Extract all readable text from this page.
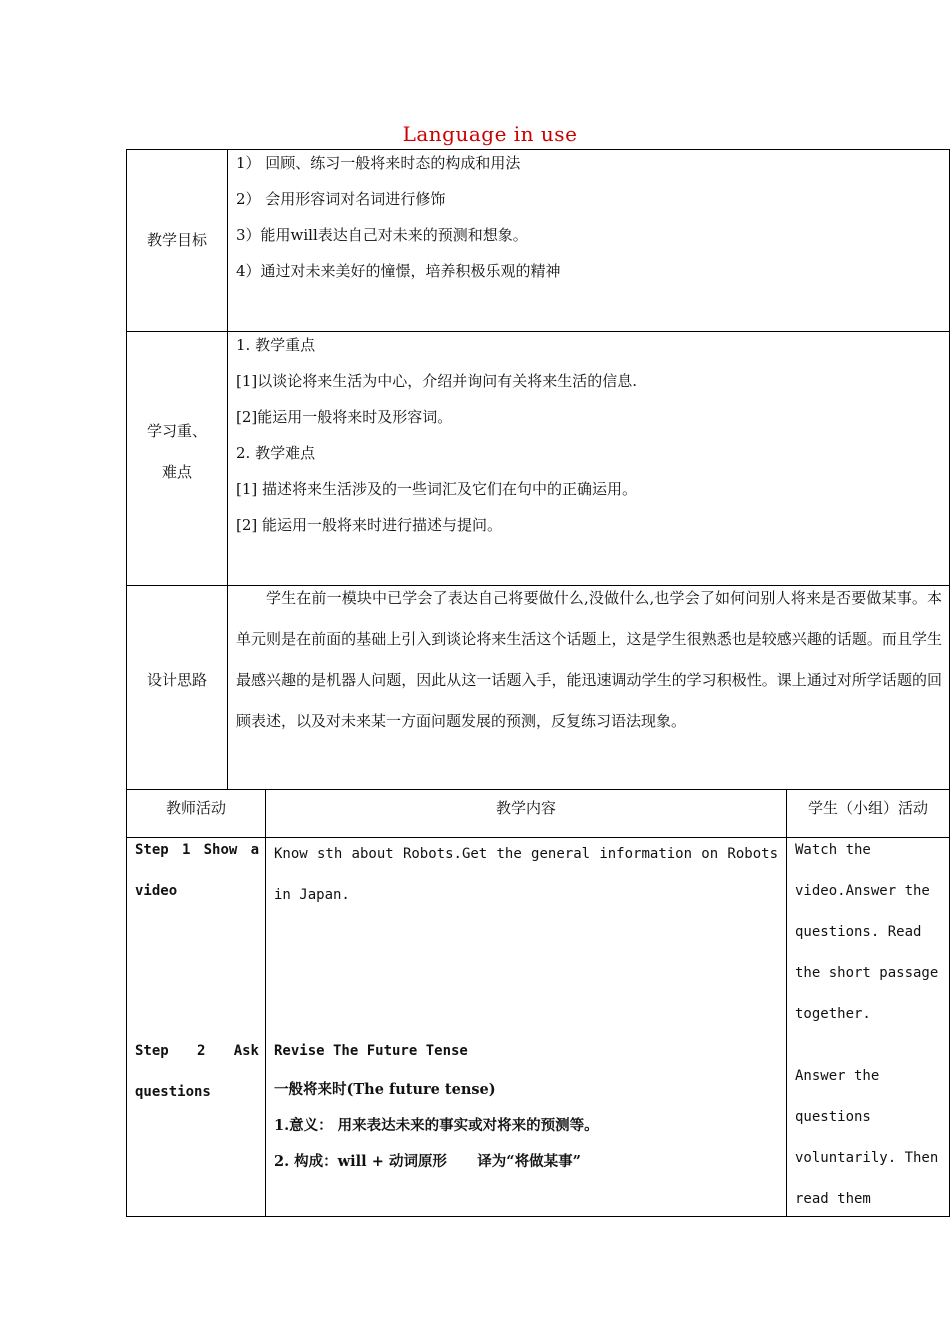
Language in use
教学目标
1） 回顾、练习一般将来时态的构成和用法
2） 会用形容词对名词进行修饰
3）能用will表达自己对未来的预测和想象。
4）通过对未来美好的憧憬，培养积极乐观的精神
学习重、
难点
1. 教学重点
[1]以谈论将来生活为中心，介绍并询问有关将来生活的信息.
[2]能运用一般将来时及形容词。
2. 教学难点
[1] 描述将来生活涉及的一些词汇及它们在句中的正确运用。
[2] 能运用一般将来时进行描述与提问。
设计思路
学生在前一模块中已学会了表达自己将要做什么,没做什么,也学会了如何问别人将来是否要做某事。本单元则是在前面的基础上引入到谈论将来生活这个话题上，这是学生很熟悉也是较感兴趣的话题。而且学生最感兴趣的是机器人问题，因此从这一话题入手，能迅速调动学生的学习积极性。课上通过对所学话题的回顾表述，以及对未来某一方面问题发展的预测，反复练习语法现象。
教师活动	教学内容	学生（小组）活动
Step 1 Show a
video
Know sth about Robots.Get the general information on Robots in Japan.
Watch the
video.Answer the
questions. Read
the short passage
together.
Step 2 Ask
questions
Revise The Future Tense
一般将来时(The future tense)
1.意义： 用来表达未来的事实或对将来的预测等。
2. 构成：will + 动词原形      译为“将做某事”
Answer the
questions
voluntarily. Then
read them
